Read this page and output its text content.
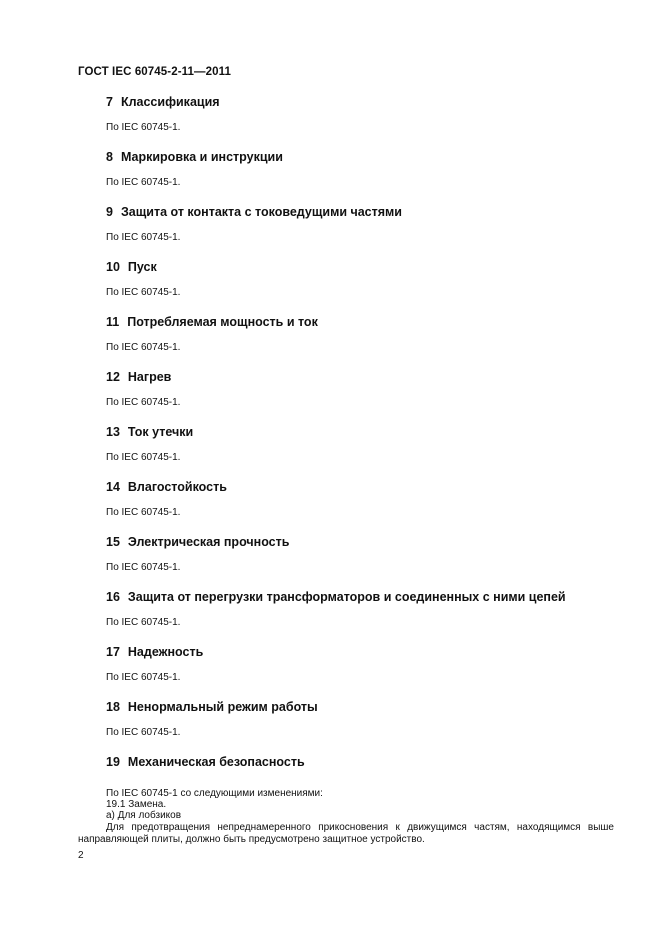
ГОСТ IEC 60745-2-11—2011
7 Классификация
По IEC 60745-1.
8 Маркировка и инструкции
По IEC 60745-1.
9 Защита от контакта с токоведущими частями
По IEC 60745-1.
10 Пуск
По IEC 60745-1.
11 Потребляемая мощность и ток
По IEC 60745-1.
12 Нагрев
По IEC 60745-1.
13 Ток утечки
По IEC 60745-1.
14 Влагостойкость
По IEC 60745-1.
15 Электрическая прочность
По IEC 60745-1.
16 Защита от перегрузки трансформаторов и соединенных с ними цепей
По IEC 60745-1.
17 Надежность
По IEC 60745-1.
18 Ненормальный режим работы
По IEC 60745-1.
19 Механическая безопасность
По IEC 60745-1 со следующими изменениями:
19.1 Замена.
а) Для лобзиков
Для предотвращения непреднамеренного прикосновения к движущимся частям, находящимся выше направляющей плиты, должно быть предусмотрено защитное устройство.
2
